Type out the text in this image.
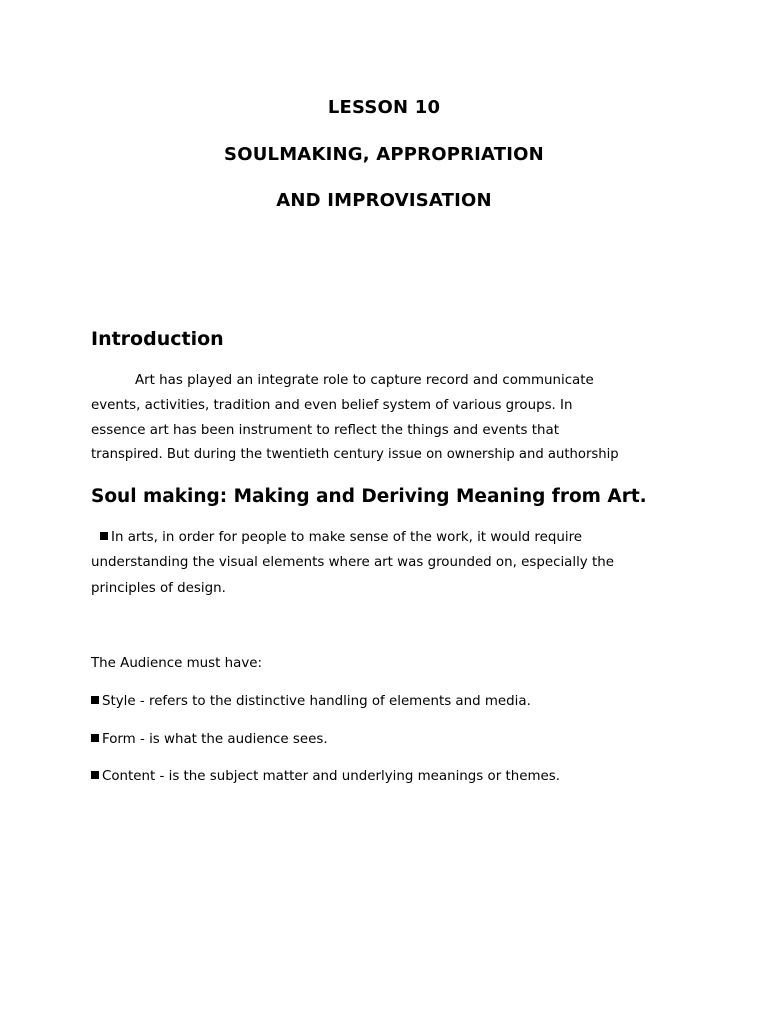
LESSON 10
SOULMAKING, APPROPRIATION
AND IMPROVISATION
Introduction
Art has played an integrate role to capture record and communicate
events, activities, tradition and even belief system of various groups. In
essence art has been instrument to reflect the things and events that
transpired. But during the twentieth century issue on ownership and authorship
Soul making: Making and Deriving Meaning from Art.
In arts, in order for people to make sense of the work, it would require
understanding the visual elements where art was grounded on, especially the
principles of design.
The Audience must have:
Style - refers to the distinctive handling of elements and media.
Form - is what the audience sees.
Content - is the subject matter and underlying meanings or themes.
